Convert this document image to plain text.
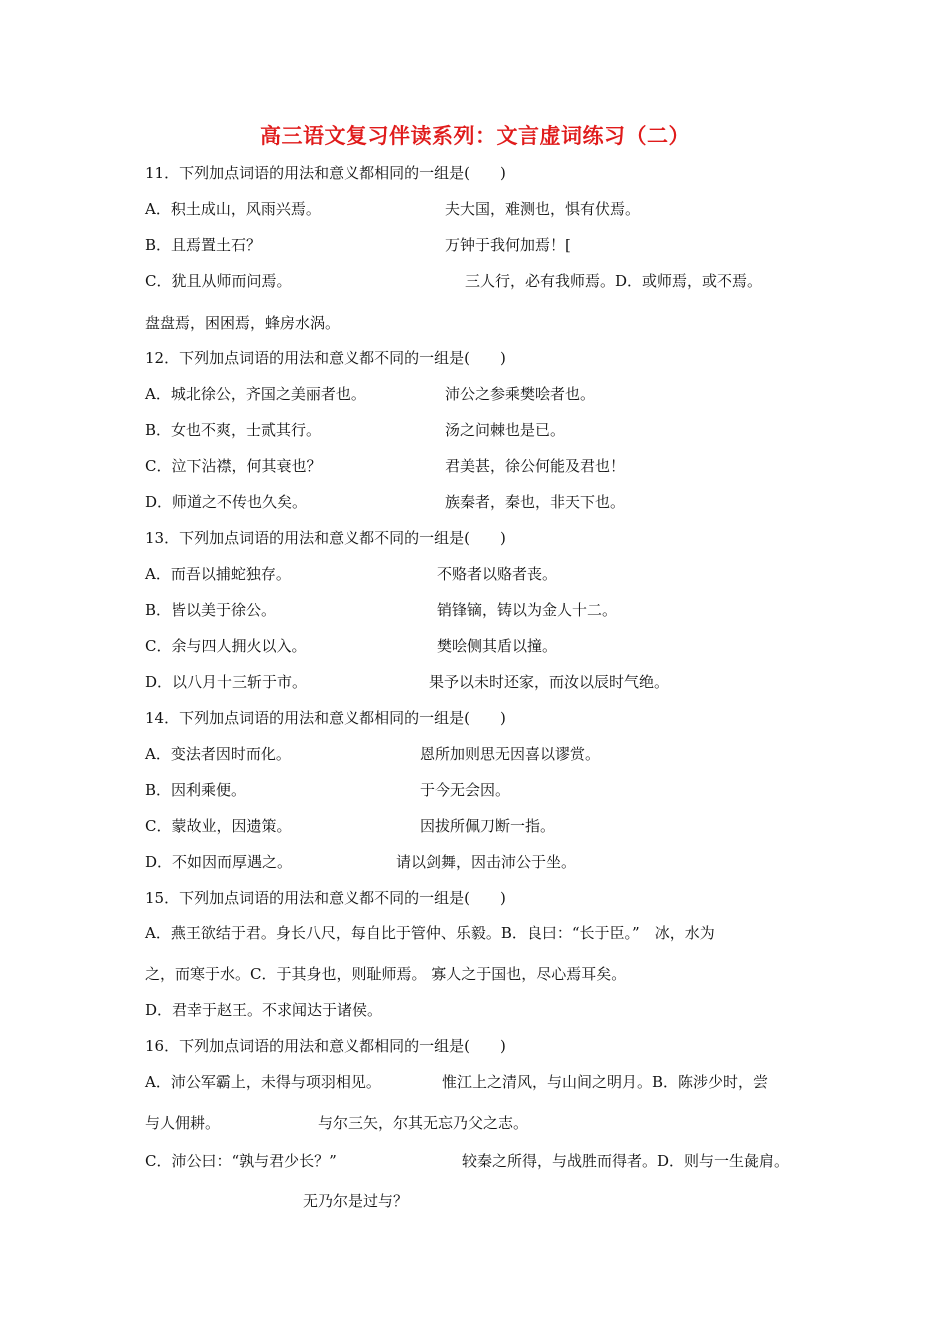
高三语文复习伴读系列：文言虚词练习（二）
11．下列加点词语的用法和意义都相同的一组是(　　)
A．积土成山，风雨兴焉。	夫大国，难测也，惧有伏焉。
B．且焉置土石？	万钟于我何加焉！[
C．犹且从师而问焉。	三人行，必有我师焉。D．或师焉，或不焉。
盘盘焉，困困焉，蜂房水涡。
12．下列加点词语的用法和意义都不同的一组是(　　)
A．城北徐公，齐国之美丽者也。	沛公之参乘樊哙者也。
B．女也不爽，士贰其行。	汤之问棘也是已。
C．泣下沾襟，何其衰也？	君美甚，徐公何能及君也！
D．师道之不传也久矣。	族秦者，秦也，非天下也。
13．下列加点词语的用法和意义都不同的一组是(　　)
A．而吾以捕蛇独存。	不赂者以赂者丧。
B．皆以美于徐公。	销锋镝，铸以为金人十二。
C．余与四人拥火以入。	樊哙侧其盾以撞。
D．以八月十三斩于市。	果予以未时还家，而汝以辰时气绝。
14．下列加点词语的用法和意义都相同的一组是(　　)
A．变法者因时而化。	恩所加则思无因喜以谬赏。
B．因利乘便。	于今无会因。
C．蒙故业，因遗策。	因拔所佩刀断一指。
D．不如因而厚遇之。	请以剑舞，因击沛公于坐。
15．下列加点词语的用法和意义都不同的一组是(　　)
A．燕王欲结于君。身长八尺，每自比于管仲、乐毅。B．良曰：“长于臣。”　冰，水为
之，而寒于水。C．于其身也，则耻师焉。 寡人之于国也，尽心焉耳矣。
D．君幸于赵王。不求闻达于诸侯。
16．下列加点词语的用法和意义都相同的一组是(　　)
A．沛公军霸上，未得与项羽相见。	惟江上之清风，与山间之明月。B．陈涉少时，尝
与人佣耕。	与尔三矢，尔其无忘乃父之志。
C．沛公曰：“孰与君少长？”	较秦之所得，与战胜而得者。D．则与一生彘肩。
无乃尔是过与？
